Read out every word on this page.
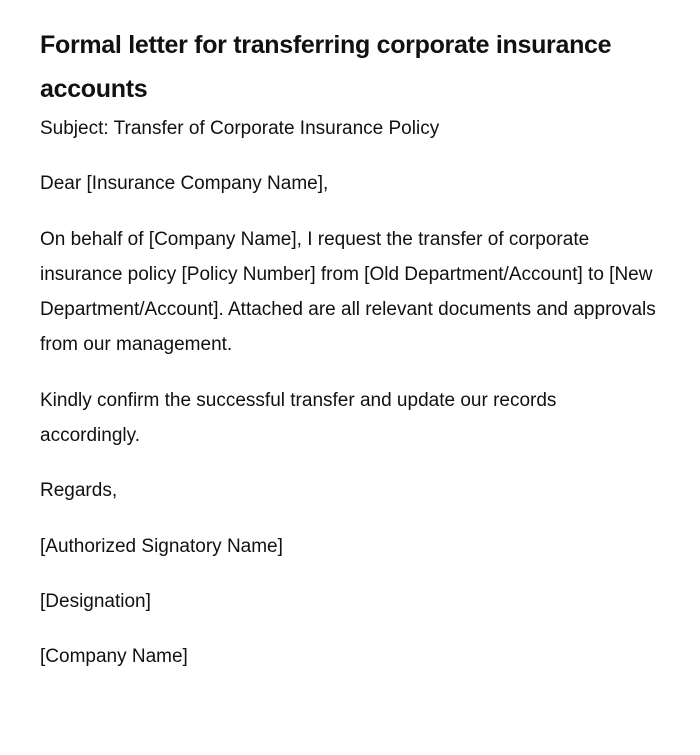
Formal letter for transferring corporate insurance accounts

Subject: Transfer of Corporate Insurance Policy

Dear [Insurance Company Name],

On behalf of [Company Name], I request the transfer of corporate insurance policy [Policy Number] from [Old Department/Account] to [New Department/Account]. Attached are all relevant documents and approvals from our management.

Kindly confirm the successful transfer and update our records accordingly.

Regards,

[Authorized Signatory Name]

[Designation]

[Company Name]
